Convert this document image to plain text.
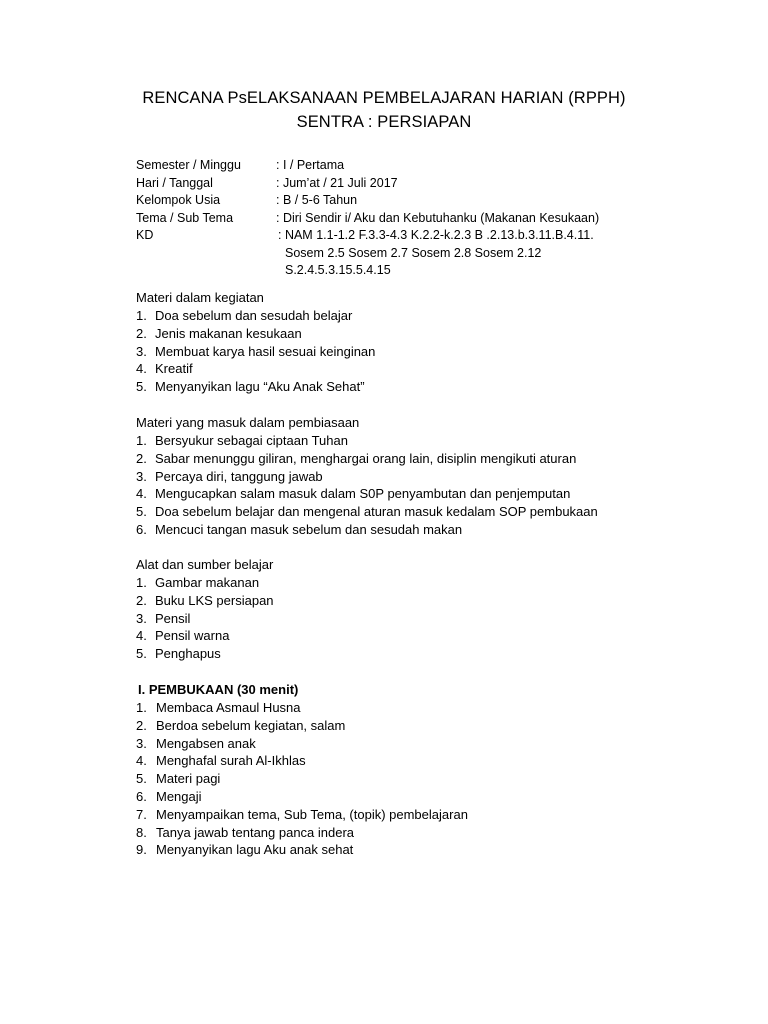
RENCANA PsELAKSANAAN PEMBELAJARAN HARIAN (RPPH)
SENTRA : PERSIAPAN
Semester / Minggu	: I / Pertama
Hari / Tanggal	: Jum’at / 21 Juli 2017
Kelompok Usia	: B / 5-6 Tahun
Tema / Sub Tema	: Diri Sendir i/ Aku dan Kebutuhanku (Makanan Kesukaan)
KD	: NAM 1.1-1.2 F.3.3-4.3 K.2.2-k.2.3 B .2.13.b.3.11.B.4.11.
Sosem 2.5 Sosem 2.7 Sosem 2.8 Sosem 2.12
S.2.4.5.3.15.5.4.15
Materi dalam kegiatan
1. Doa sebelum dan sesudah belajar
2. Jenis makanan kesukaan
3. Membuat karya hasil sesuai keinginan
4. Kreatif
5. Menyanyikan lagu “Aku Anak Sehat”
Materi yang masuk dalam pembiasaan
1. Bersyukur sebagai ciptaan Tuhan
2. Sabar menunggu giliran, menghargai orang lain, disiplin mengikuti aturan
3. Percaya diri, tanggung jawab
4. Mengucapkan salam masuk dalam S0P penyambutan dan penjemputan
5. Doa sebelum belajar dan mengenal aturan masuk kedalam SOP pembukaan
6. Mencuci tangan masuk sebelum dan sesudah makan
Alat dan sumber belajar
1. Gambar makanan
2. Buku LKS persiapan
3. Pensil
4. Pensil warna
5. Penghapus
I. PEMBUKAAN (30 menit)
1. Membaca Asmaul Husna
2. Berdoa sebelum kegiatan, salam
3. Mengabsen anak
4. Menghafal surah Al-Ikhlas
5. Materi pagi
6. Mengaji
7. Menyampaikan tema, Sub Tema, (topik) pembelajaran
8. Tanya jawab tentang panca indera
9. Menyanyikan lagu Aku anak sehat
